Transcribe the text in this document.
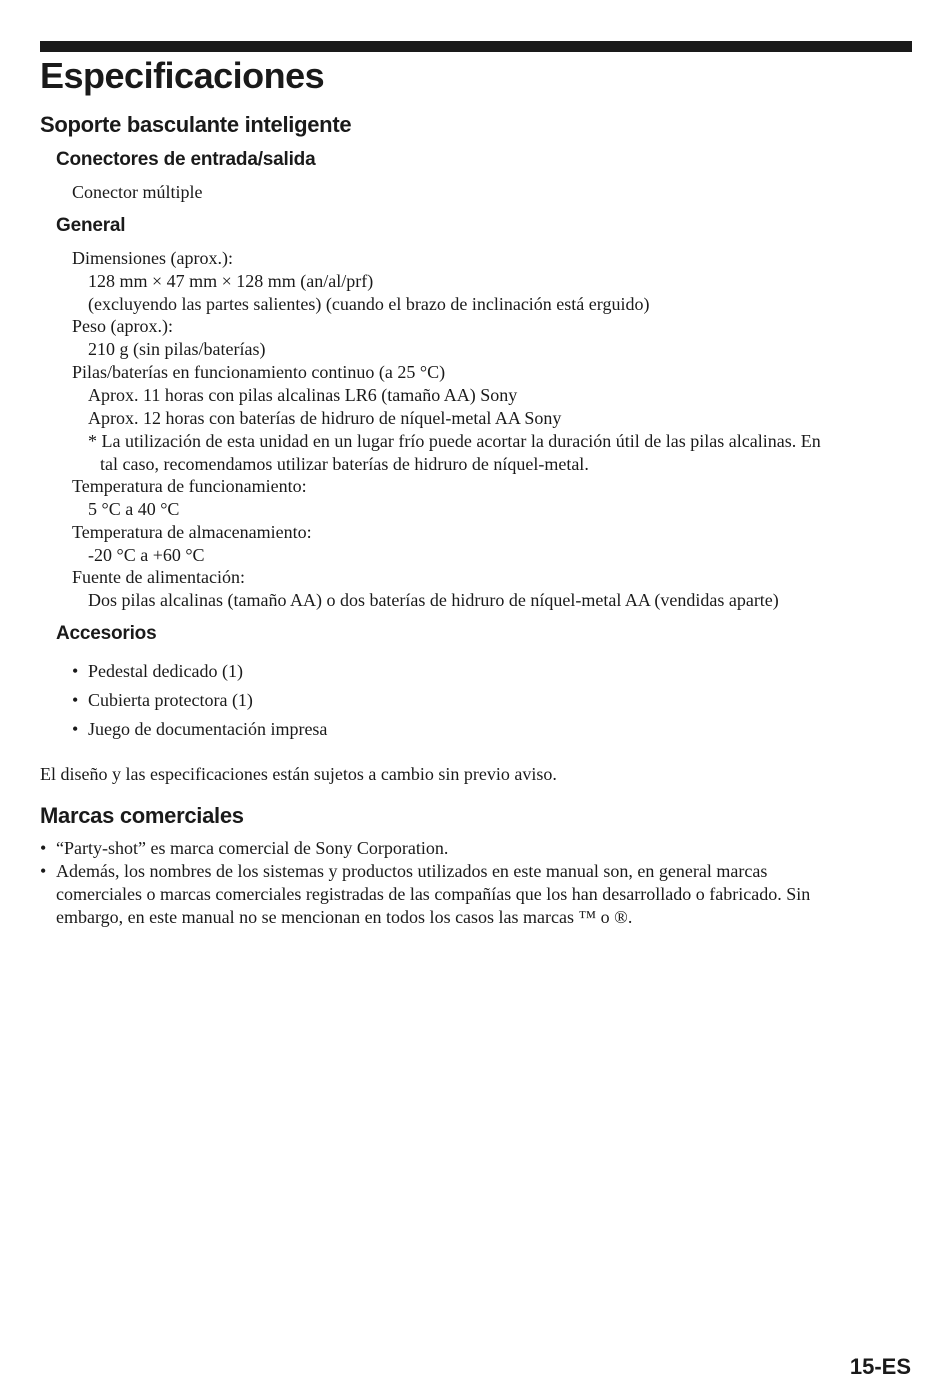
Especificaciones
Soporte basculante inteligente
Conectores de entrada/salida
Conector múltiple
General
Dimensiones (aprox.):
128 mm × 47 mm × 128 mm (an/al/prf)
(excluyendo las partes salientes) (cuando el brazo de inclinación está erguido)
Peso (aprox.):
210 g (sin pilas/baterías)
Pilas/baterías en funcionamiento continuo (a 25 °C)
Aprox. 11 horas con pilas alcalinas LR6 (tamaño AA) Sony
Aprox. 12 horas con baterías de hidruro de níquel-metal AA Sony
* La utilización de esta unidad en un lugar frío puede acortar la duración útil de las pilas alcalinas. En
tal caso, recomendamos utilizar baterías de hidruro de níquel-metal.
Temperatura de funcionamiento:
5 °C a 40 °C
Temperatura de almacenamiento:
-20 °C a +60 °C
Fuente de alimentación:
Dos pilas alcalinas (tamaño AA) o dos baterías de hidruro de níquel-metal AA (vendidas aparte)
Accesorios
• Pedestal dedicado (1)
• Cubierta protectora (1)
• Juego de documentación impresa
El diseño y las especificaciones están sujetos a cambio sin previo aviso.
Marcas comerciales
• “Party-shot” es marca comercial de Sony Corporation.
• Además, los nombres de los sistemas y productos utilizados en este manual son, en general marcas
comerciales o marcas comerciales registradas de las compañías que los han desarrollado o fabricado. Sin
embargo, en este manual no se mencionan en todos los casos las marcas ™ o ®.
15-ES
